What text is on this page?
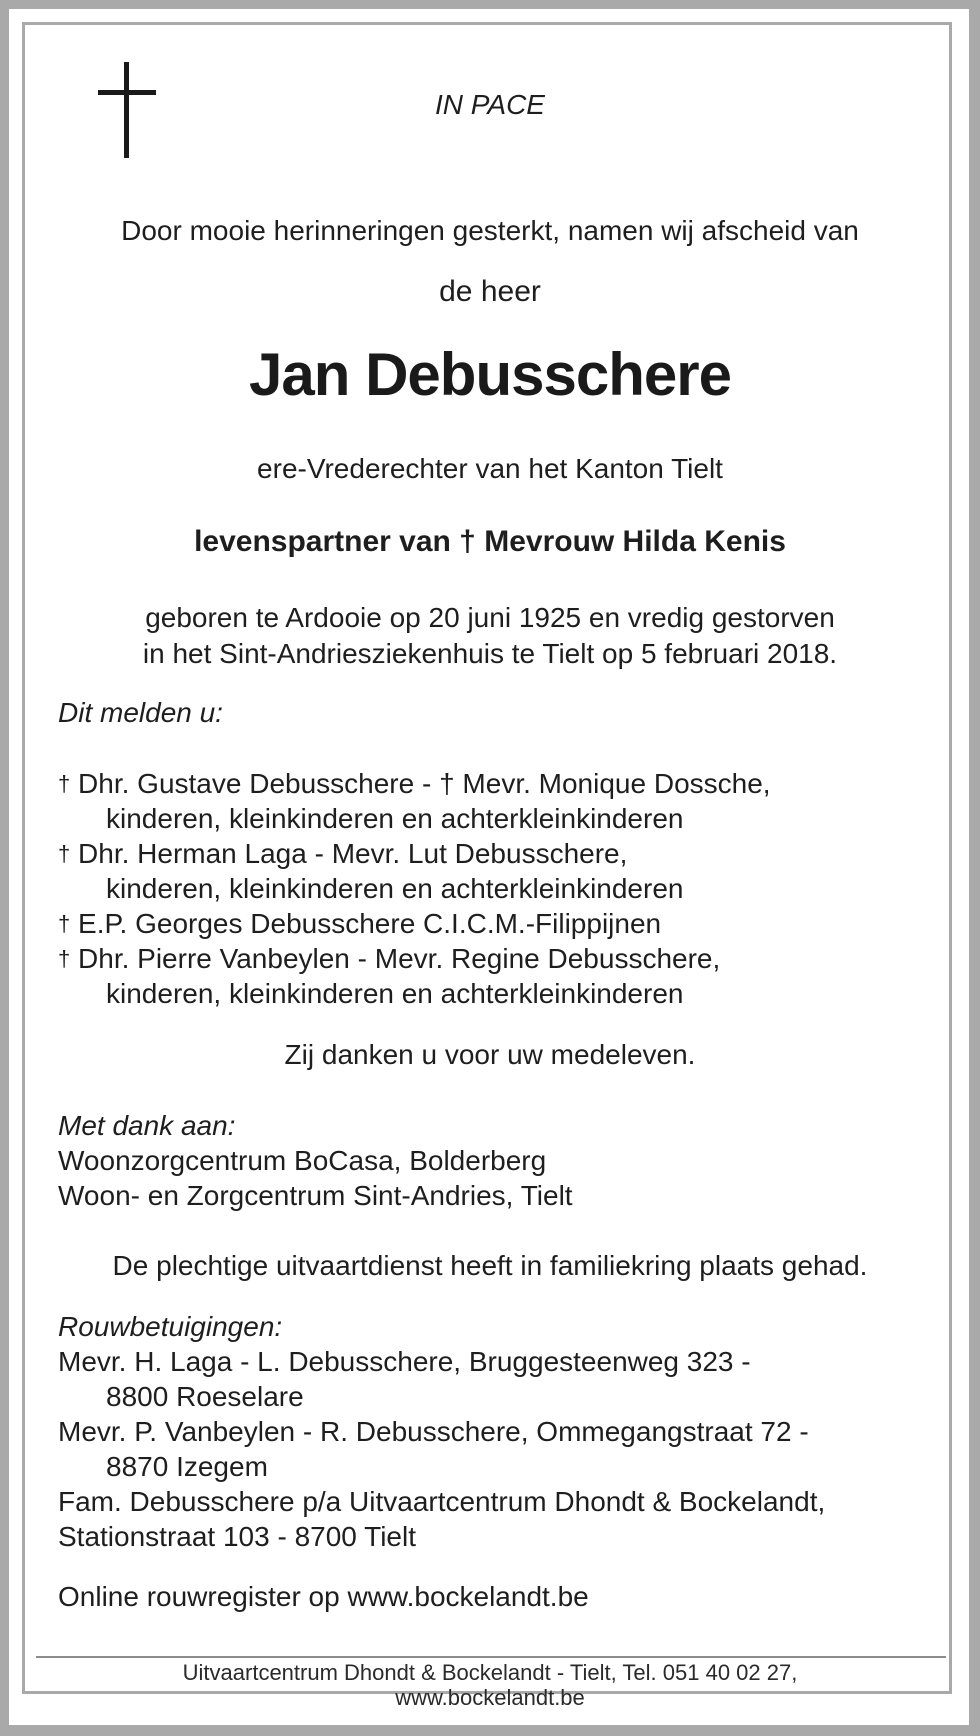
IN PACE

Door mooie herinneringen gesterkt, namen wij afscheid van

de heer

Jan Debusschere

ere-Vrederechter van het Kanton Tielt

levenspartner van † Mevrouw Hilda Kenis

geboren te Ardooie op 20 juni 1925 en vredig gestorven

in het Sint-Andriesziekenhuis te Tielt op 5 februari 2018.

Dit melden u:

† Dhr. Gustave Debusschere - † Mevr. Monique Dossche,

kinderen, kleinkinderen en achterkleinkinderen

† Dhr. Herman Laga - Mevr. Lut Debusschere,

kinderen, kleinkinderen en achterkleinkinderen

† E.P. Georges Debusschere C.I.C.M.-Filippijnen

† Dhr. Pierre Vanbeylen - Mevr. Regine Debusschere,

kinderen, kleinkinderen en achterkleinkinderen

Zij danken u voor uw medeleven.

Met dank aan:

Woonzorgcentrum BoCasa, Bolderberg

Woon- en Zorgcentrum Sint-Andries, Tielt

De plechtige uitvaartdienst heeft in familiekring plaats gehad.

Rouwbetuigingen:

Mevr. H. Laga - L. Debusschere, Bruggesteenweg 323 -

8800 Roeselare

Mevr. P. Vanbeylen - R. Debusschere, Ommegangstraat 72 -

8870 Izegem

Fam. Debusschere p/a Uitvaartcentrum Dhondt & Bockelandt,

Stationstraat 103 - 8700 Tielt

Online rouwregister op www.bockelandt.be

Uitvaartcentrum Dhondt & Bockelandt - Tielt, Tel. 051 40 02 27,

www.bockelandt.be
